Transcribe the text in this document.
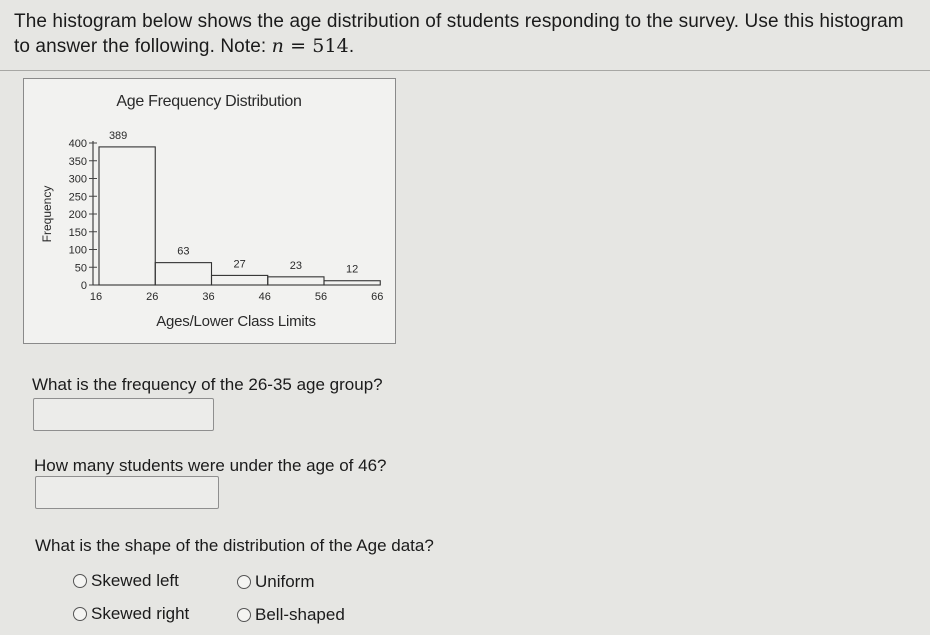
The histogram below shows the age distribution of students responding to the survey. Use this histogram to answer the following. Note: n = 514.
Age Frequency Distribution
0
50
100
150
200
250
300
350
400
Frequency
389
63
27	23	12
16	26	36	46	56	66
Ages/Lower Class Limits
What is the frequency of the 26-35 age group?
How many students were under the age of 46?
What is the shape of the distribution of the Age data?
Skewed left	Uniform
Skewed right	Bell-shaped
